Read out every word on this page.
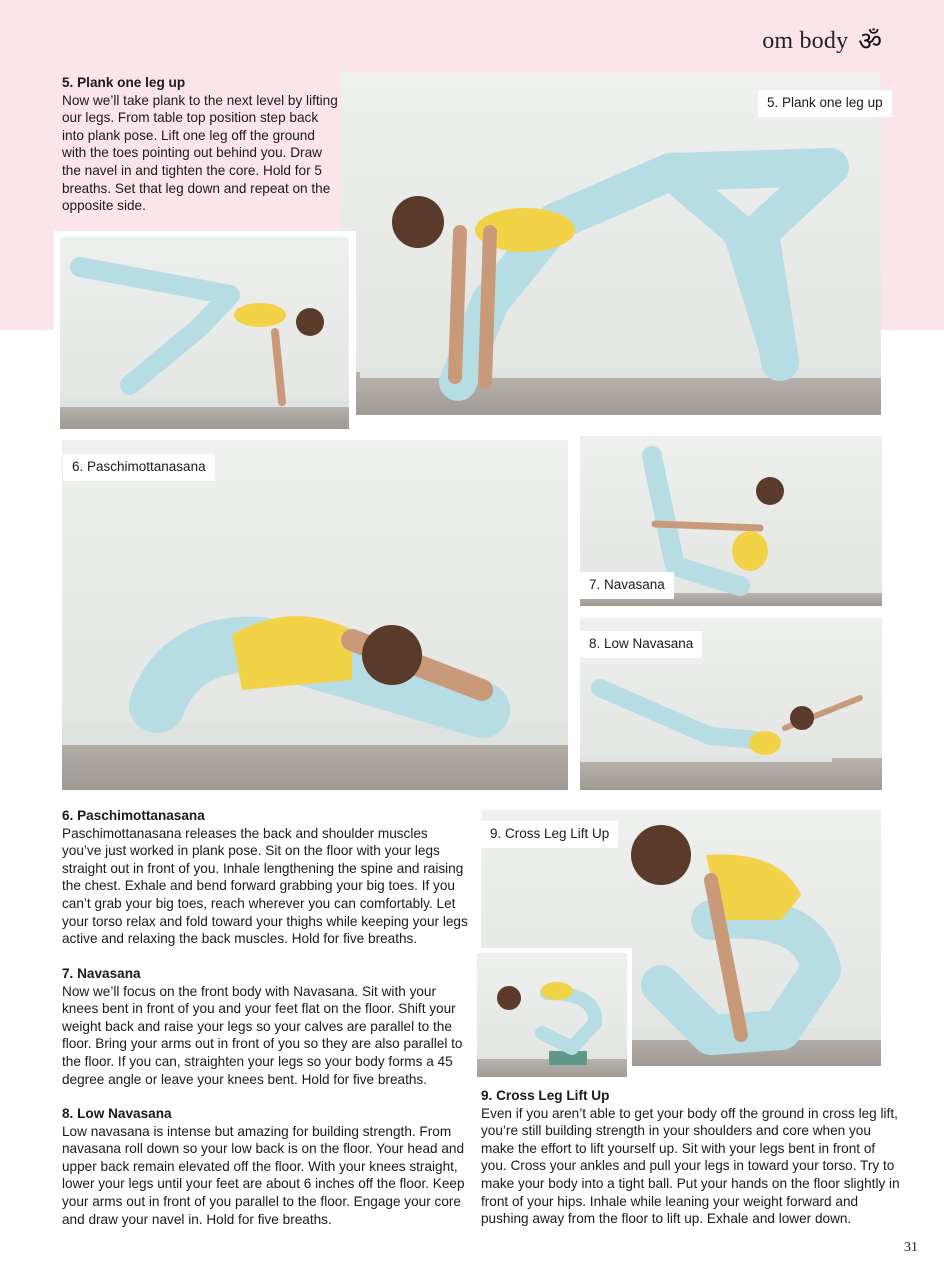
om body ॐ
5. Plank one leg up

Now we’ll take plank to the next level by lifting our legs. From table top position step back into plank pose. Lift one leg off the ground with the toes pointing out behind you. Draw the navel in and tighten the core. Hold for 5 breaths. Set that leg down and repeat on the opposite side.

5. Plank one leg up
6. Paschimottanasana
7. Navasana
8. Low Navasana
6. Paschimottanasana

Paschimottanasana releases the back and shoulder muscles you’ve just worked in plank pose. Sit on the floor with your legs straight out in front of you. Inhale lengthening the spine and raising the chest. Exhale and bend forward grabbing your big toes. If you can’t grab your big toes, reach wherever you can comfortably. Let your torso relax and fold toward your thighs while keeping your legs active and relaxing the back muscles. Hold for five breaths.

7. Navasana

Now we’ll focus on the front body with Navasana. Sit with your knees bent in front of you and your feet flat on the floor. Shift your weight back and raise your legs so your calves are parallel to the floor. Bring your arms out in front of you so they are also parallel to the floor. If you can, straighten your legs so your body forms a 45 degree angle or leave your knees bent. Hold for five breaths.

8. Low Navasana

Low navasana is intense but amazing for building strength. From navasana roll down so your low back is on the floor. Your head and upper back remain elevated off the floor. With your knees straight, lower your legs until your feet are about 6 inches off the floor. Keep your arms out in front of you parallel to the floor. Engage your core and draw your navel in. Hold for five breaths.

9. Cross Leg Lift Up
9. Cross Leg Lift Up

Even if you aren’t able to get your body off the ground in cross leg lift, you’re still building strength in your shoulders and core when you make the effort to lift yourself up. Sit with your legs bent in front of you. Cross your ankles and pull your legs in toward your torso. Try to make your body into a tight ball. Put your hands on the floor slightly in front of your hips. Inhale while leaning your weight forward and pushing away from the floor to lift up. Exhale and lower down.

31
